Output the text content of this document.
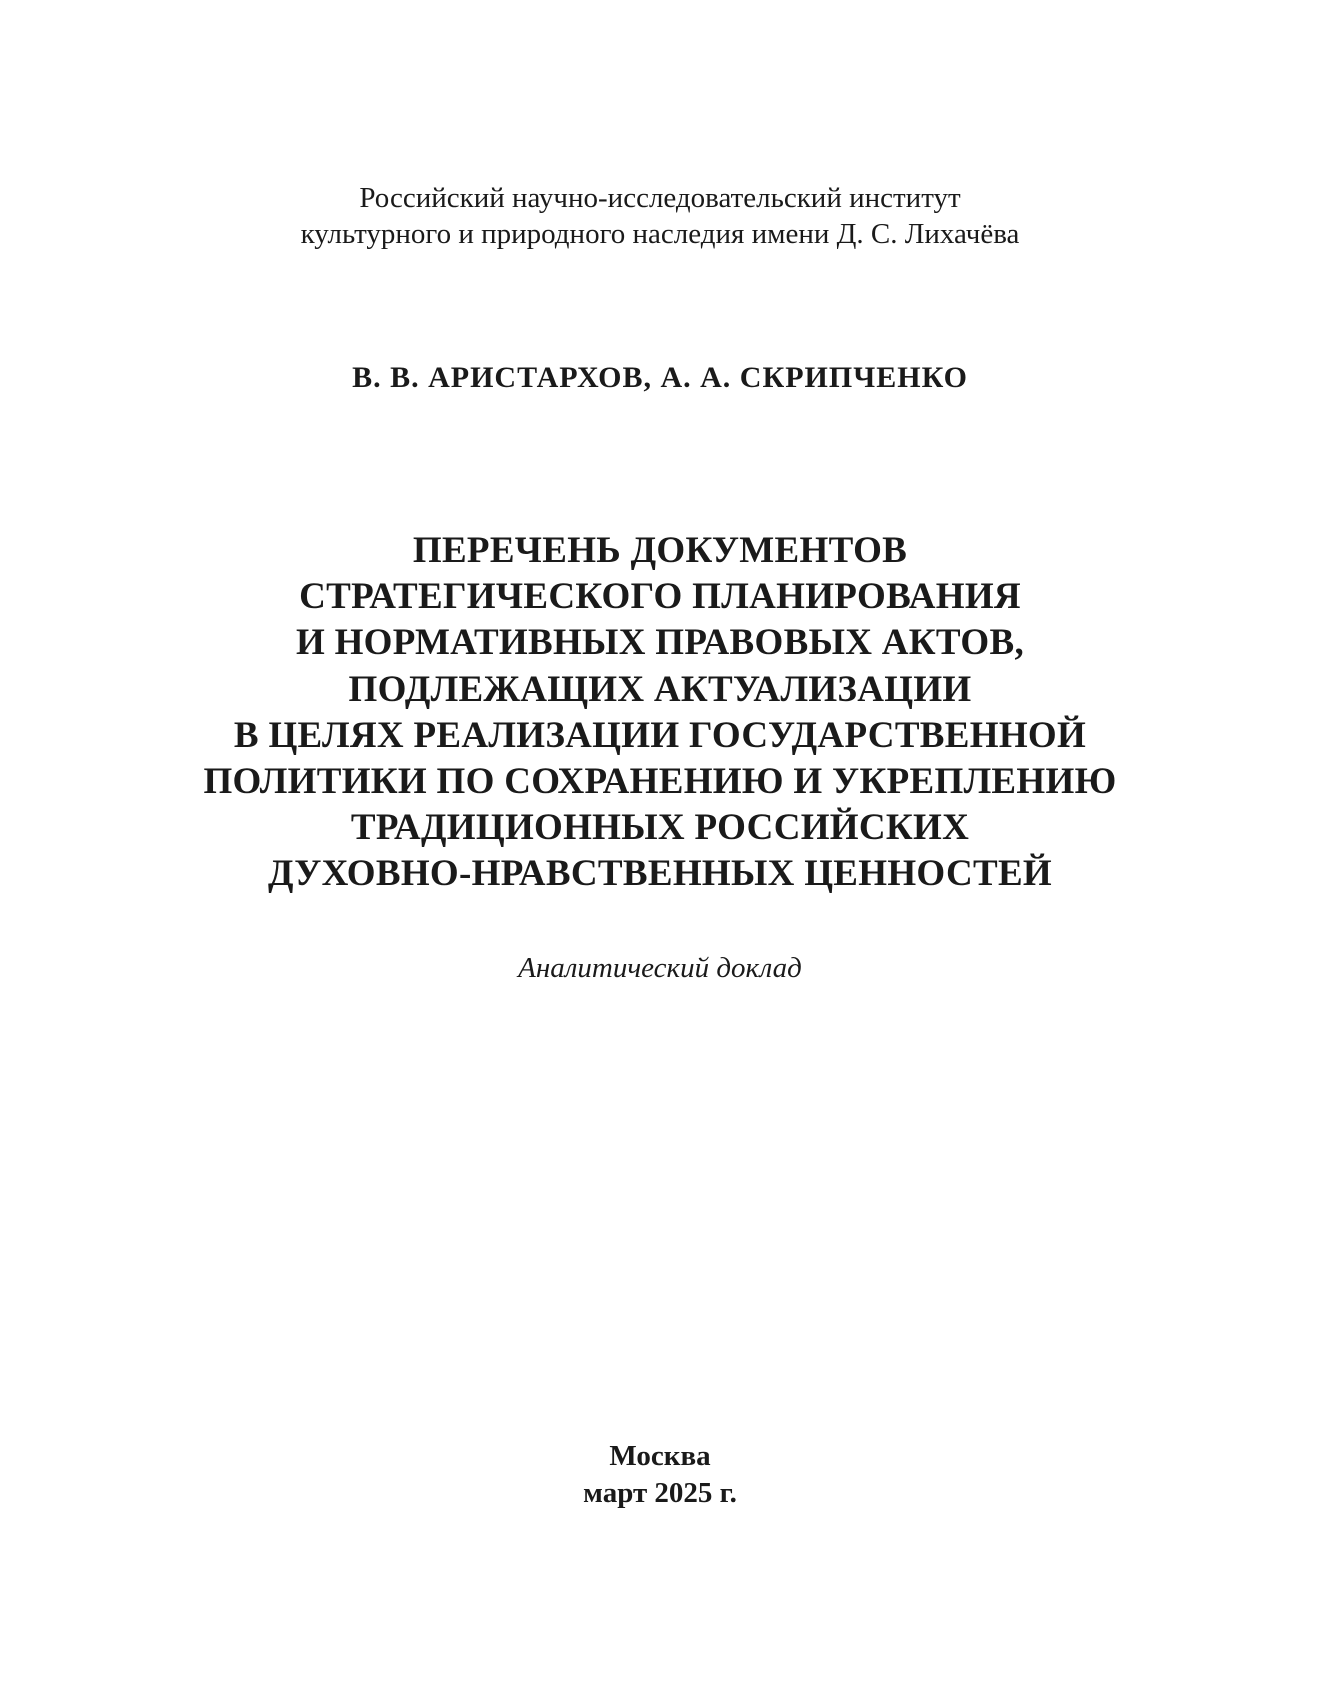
Российский научно-исследовательский институт
культурного и природного наследия имени Д. С. Лихачёва
В. В. АРИСТАРХОВ, А. А. СКРИПЧЕНКО
ПЕРЕЧЕНЬ ДОКУМЕНТОВ
СТРАТЕГИЧЕСКОГО ПЛАНИРОВАНИЯ
И НОРМАТИВНЫХ ПРАВОВЫХ АКТОВ,
ПОДЛЕЖАЩИХ АКТУАЛИЗАЦИИ
В ЦЕЛЯХ РЕАЛИЗАЦИИ ГОСУДАРСТВЕННОЙ
ПОЛИТИКИ ПО СОХРАНЕНИЮ И УКРЕПЛЕНИЮ
ТРАДИЦИОННЫХ РОССИЙСКИХ
ДУХОВНО-НРАВСТВЕННЫХ ЦЕННОСТЕЙ
Аналитический доклад
Москва
март 2025 г.
